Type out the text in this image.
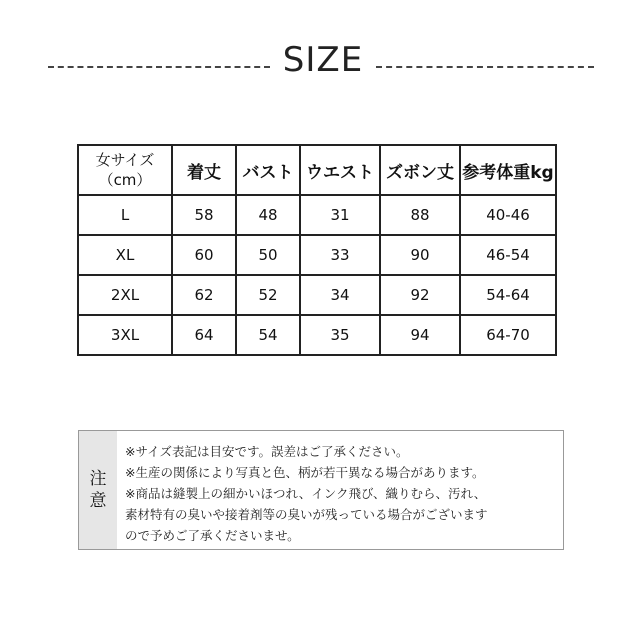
SIZE
女サイズ
（cm）	着丈	バスト	ウエスト	ズボン丈	参考体重kg
L	58	48	31	88	40-46
XL	60	50	33	90	46-54
2XL	62	52	34	92	54-64
3XL	64	54	35	94	64-70
注
意
※サイズ表記は目安です。誤差はご了承ください。
※生産の関係により写真と色、柄が若干異なる場合があります。
※商品は縫製上の細かいほつれ、インク飛び、織りむら、汚れ、
素材特有の臭いや接着剤等の臭いが残っている場合がございます
ので予めご了承くださいませ。
